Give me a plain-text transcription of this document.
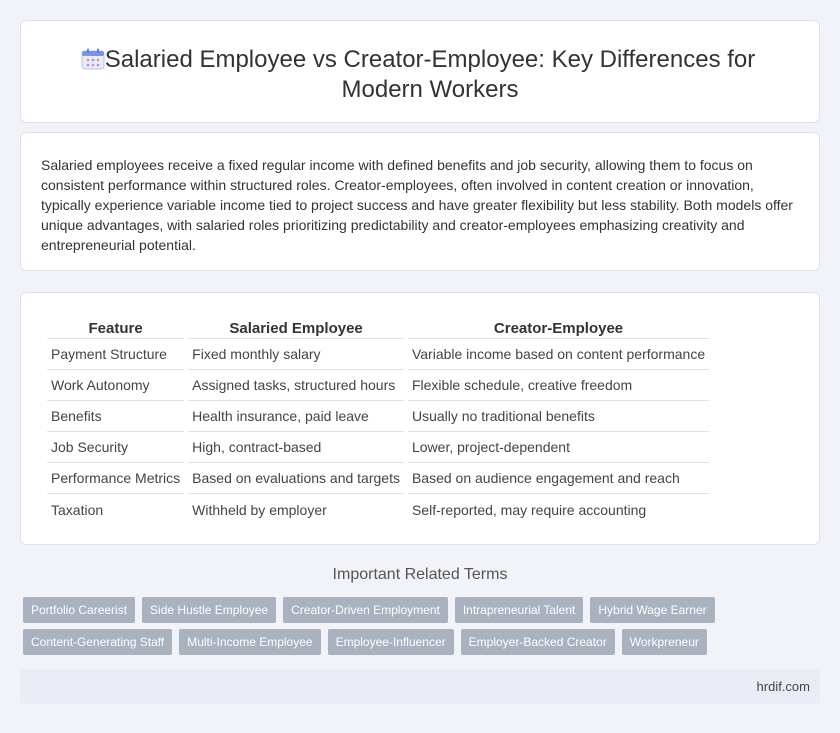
Salaried Employee vs Creator-Employee: Key Differences for Modern Workers

Salaried employees receive a fixed regular income with defined benefits and job security, allowing them to focus on consistent performance within structured roles. Creator-employees, often involved in content creation or innovation, typically experience variable income tied to project success and have greater flexibility but less stability. Both models offer unique advantages, with salaried roles prioritizing predictability and creator-employees emphasizing creativity and entrepreneurial potential.

Feature	Salaried Employee	Creator-Employee
Payment Structure	Fixed monthly salary	Variable income based on content performance
Work Autonomy	Assigned tasks, structured hours	Flexible schedule, creative freedom
Benefits	Health insurance, paid leave	Usually no traditional benefits
Job Security	High, contract-based	Lower, project-dependent
Performance Metrics	Based on evaluations and targets	Based on audience engagement and reach
Taxation	Withheld by employer	Self-reported, may require accounting
Important Related Terms
Portfolio Careerist	Side Hustle Employee	Creator-Driven Employment	Intrapreneurial Talent	Hybrid Wage Earner
Content-Generating Staff	Multi-Income Employee	Employee-Influencer	Employer-Backed Creator	Workpreneur
hrdif.com
